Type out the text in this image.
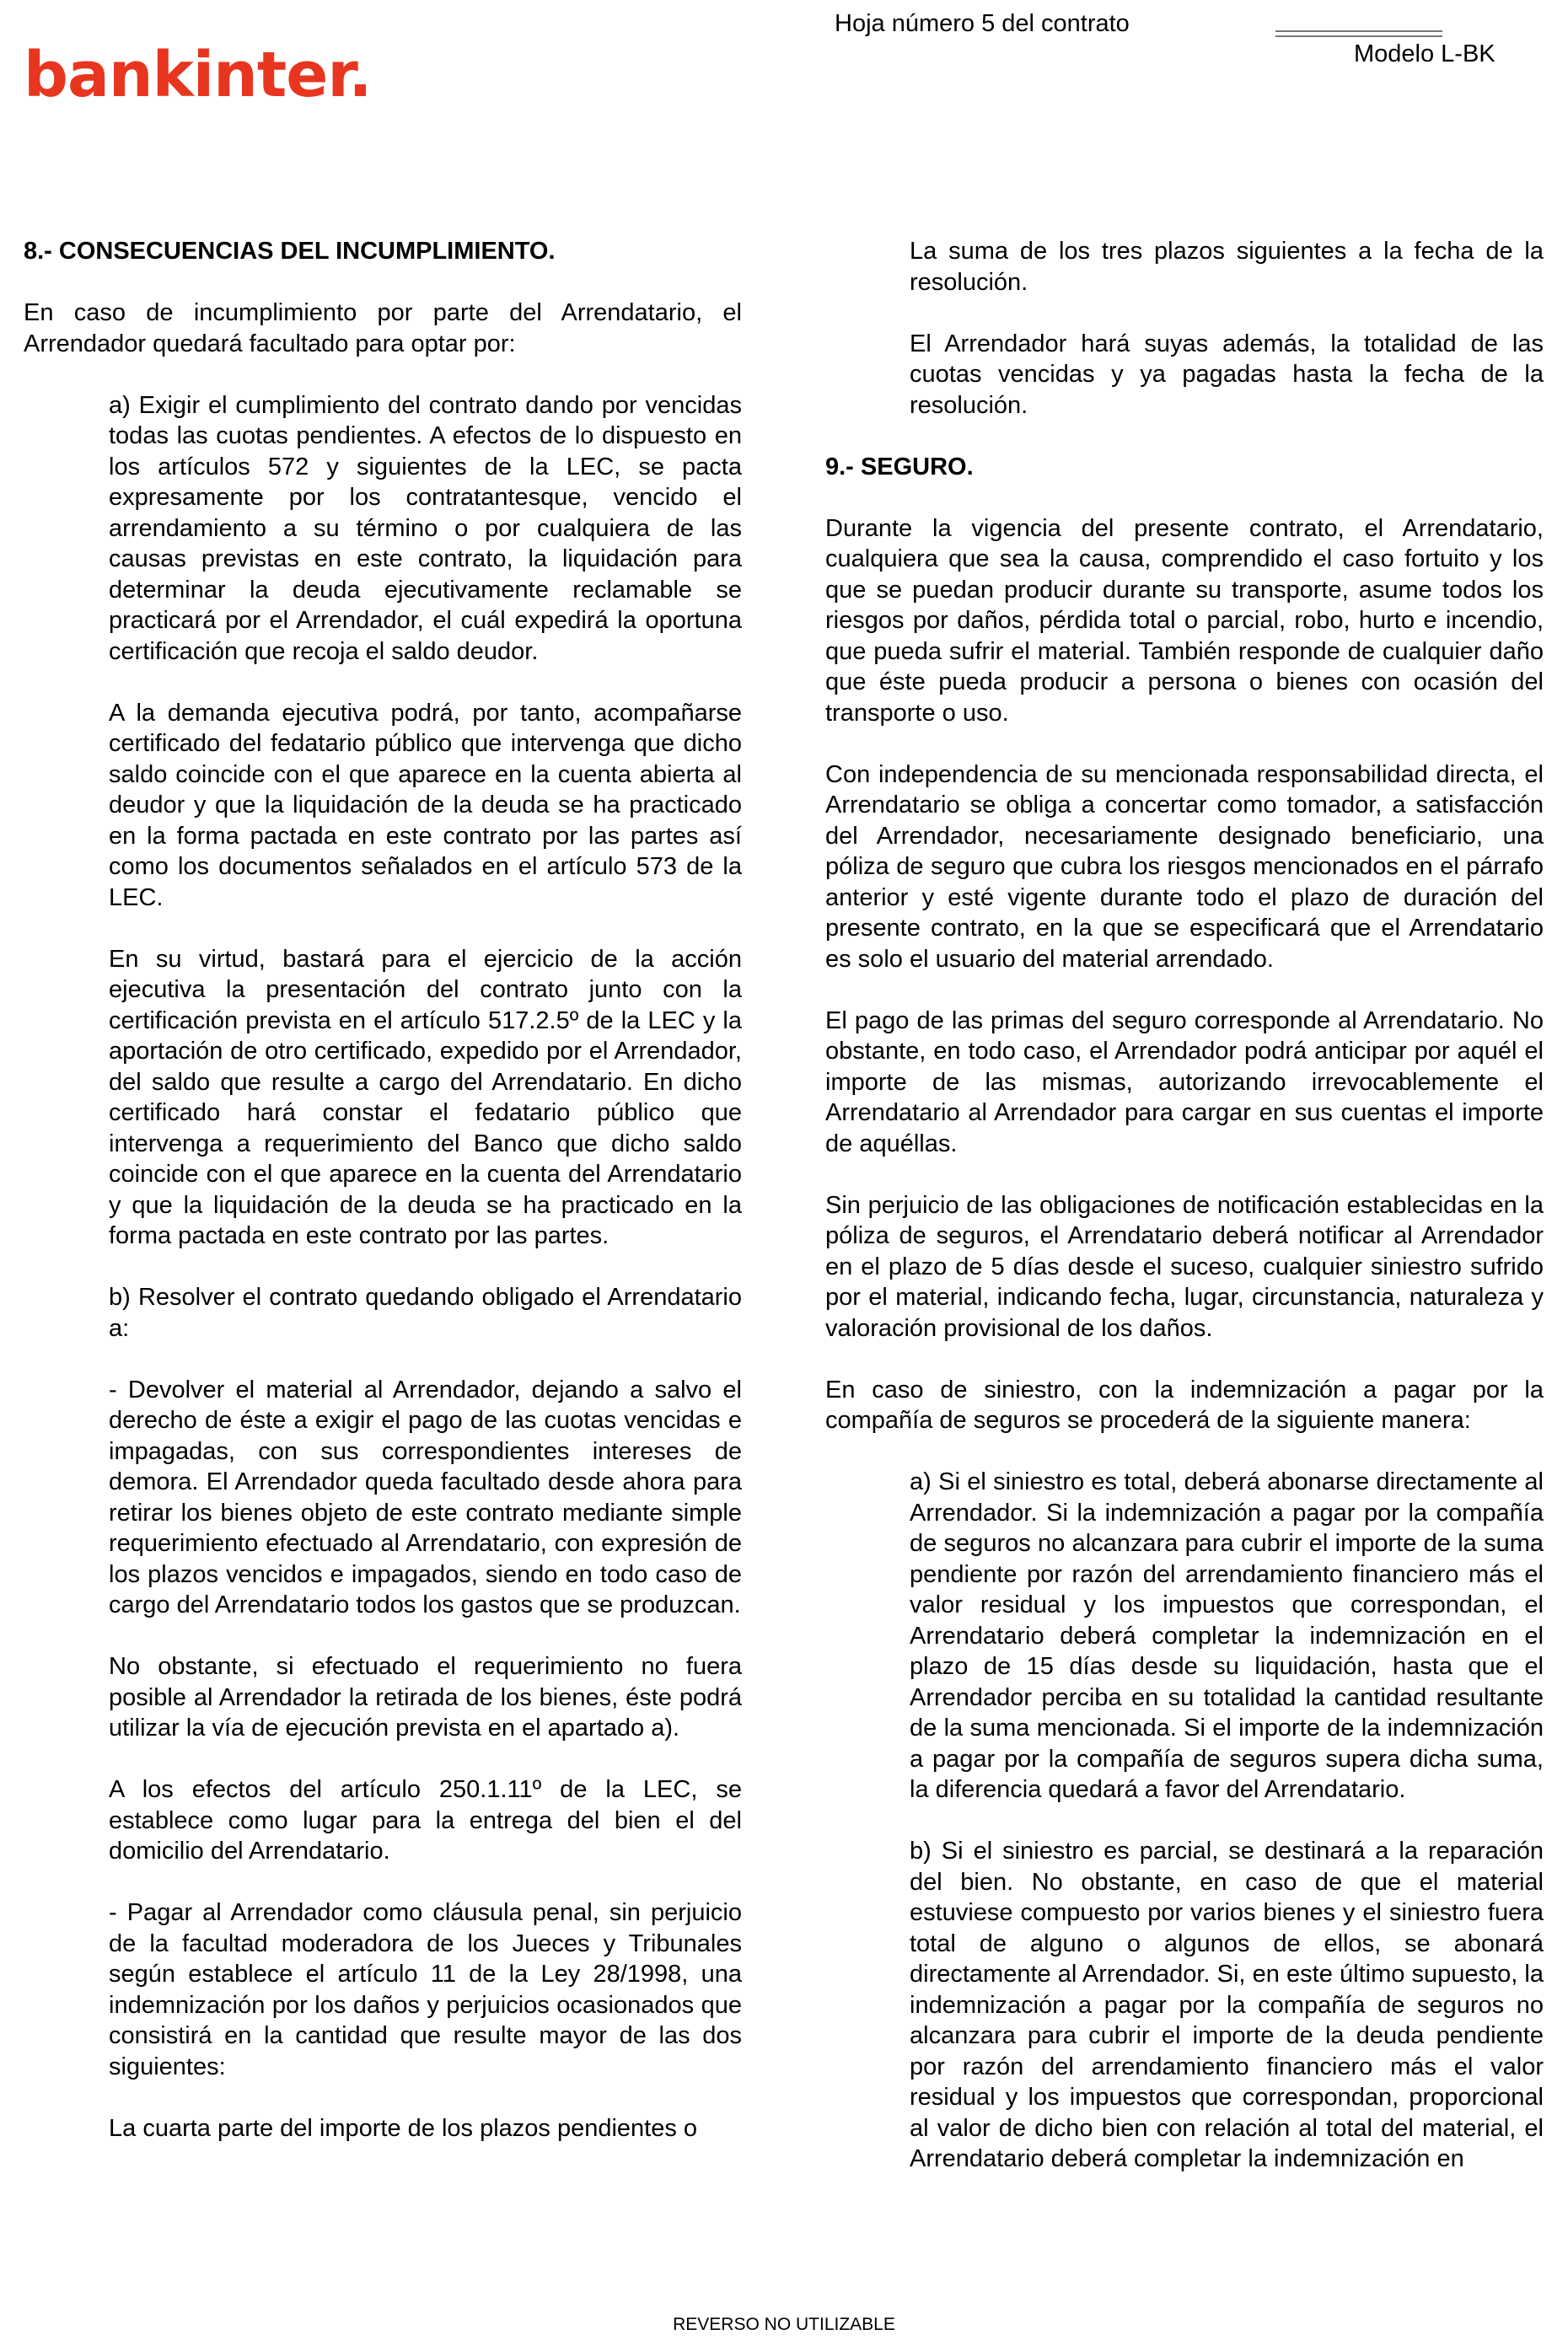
bankinter.
Hoja número 5 del contrato
Modelo L-BK

8.- CONSECUENCIAS DEL INCUMPLIMIENTO.

En caso de incumplimiento por parte del Arrendatario, el Arrendador quedará facultado para optar por:

a) Exigir el cumplimiento del contrato dando por vencidas todas las cuotas pendientes. A efectos de lo dispuesto en los artículos 572 y siguientes de la LEC, se pacta expresamente por los contratantesque, vencido el arrendamiento a su término o por cualquiera de las causas previstas en este contrato, la liquidación para determinar la deuda ejecutivamente reclamable se practicará por el Arrendador, el cuál expedirá la oportuna certificación que recoja el saldo deudor.

A la demanda ejecutiva podrá, por tanto, acompañarse certificado del fedatario público que intervenga que dicho saldo coincide con el que aparece en la cuenta abierta al deudor y que la liquidación de la deuda se ha practicado en la forma pactada en este contrato por las partes así como los documentos señalados en el artículo 573 de la LEC.

En su virtud, bastará para el ejercicio de la acción ejecutiva la presentación del contrato junto con la certificación prevista en el artículo 517.2.5º de la LEC y la aportación de otro certificado, expedido por el Arrendador, del saldo que resulte a cargo del Arrendatario. En dicho certificado hará constar el fedatario público que intervenga a requerimiento del Banco que dicho saldo coincide con el que aparece en la cuenta del Arrendatario y que la liquidación de la deuda se ha practicado en la forma pactada en este contrato por las partes.

b) Resolver el contrato quedando obligado el Arrendatario a:

- Devolver el material al Arrendador, dejando a salvo el derecho de éste a exigir el pago de las cuotas vencidas e impagadas, con sus correspondientes intereses de demora. El Arrendador queda facultado desde ahora para retirar los bienes objeto de este contrato mediante simple requerimiento efectuado al Arrendatario, con expresión de los plazos vencidos e impagados, siendo en todo caso de cargo del Arrendatario todos los gastos que se produzcan.

No obstante, si efectuado el requerimiento no fuera posible al Arrendador la retirada de los bienes, éste podrá utilizar la vía de ejecución prevista en el apartado a).

A los efectos del artículo 250.1.11º de la LEC, se establece como lugar para la entrega del bien el del domicilio del Arrendatario.

- Pagar al Arrendador como cláusula penal, sin perjuicio de la facultad moderadora de los Jueces y Tribunales según establece el artículo 11 de la Ley 28/1998, una indemnización por los daños y perjuicios ocasionados que consistirá en la cantidad que resulte mayor de las dos siguientes:

La cuarta parte del importe de los plazos pendientes o

La suma de los tres plazos siguientes a la fecha de la resolución.

El Arrendador hará suyas además, la totalidad de las cuotas vencidas y ya pagadas hasta la fecha de la resolución.

9.- SEGURO.

Durante la vigencia del presente contrato, el Arrendatario, cualquiera que sea la causa, comprendido el caso fortuito y los que se puedan producir durante su transporte, asume todos los riesgos por daños, pérdida total o parcial, robo, hurto e incendio, que pueda sufrir el material. También responde de cualquier daño que éste pueda producir a persona o bienes con ocasión del transporte o uso.

Con independencia de su mencionada responsabilidad directa, el Arrendatario se obliga a concertar como tomador, a satisfacción del Arrendador, necesariamente designado beneficiario, una póliza de seguro que cubra los riesgos mencionados en el párrafo anterior y esté vigente durante todo el plazo de duración del presente contrato, en la que se especificará que el Arrendatario es solo el usuario del material arrendado.

El pago de las primas del seguro corresponde al Arrendatario. No obstante, en todo caso, el Arrendador podrá anticipar por aquél el importe de las mismas, autorizando irrevocablemente el Arrendatario al Arrendador para cargar en sus cuentas el importe de aquéllas.

Sin perjuicio de las obligaciones de notificación establecidas en la póliza de seguros, el Arrendatario deberá notificar al Arrendador en el plazo de 5 días desde el suceso, cualquier siniestro sufrido por el material, indicando fecha, lugar, circunstancia, naturaleza y valoración provisional de los daños.

En caso de siniestro, con la indemnización a pagar por la compañía de seguros se procederá de la siguiente manera:

a) Si el siniestro es total, deberá abonarse directamente al Arrendador. Si la indemnización a pagar por la compañía de seguros no alcanzara para cubrir el importe de la suma pendiente por razón del arrendamiento financiero más el valor residual y los impuestos que correspondan, el Arrendatario deberá completar la indemnización en el plazo de 15 días desde su liquidación, hasta que el Arrendador perciba en su totalidad la cantidad resultante de la suma mencionada. Si el importe de la indemnización a pagar por la compañía de seguros supera dicha suma, la diferencia quedará a favor del Arrendatario.

b) Si el siniestro es parcial, se destinará a la reparación del bien. No obstante, en caso de que el material estuviese compuesto por varios bienes y el siniestro fuera total de alguno o algunos de ellos, se abonará directamente al Arrendador. Si, en este último supuesto, la indemnización a pagar por la compañía de seguros no alcanzara para cubrir el importe de la deuda pendiente por razón del arrendamiento financiero más el valor residual y los impuestos que correspondan, proporcional al valor de dicho bien con relación al total del material, el Arrendatario deberá completar la indemnización en

REVERSO NO UTILIZABLE
